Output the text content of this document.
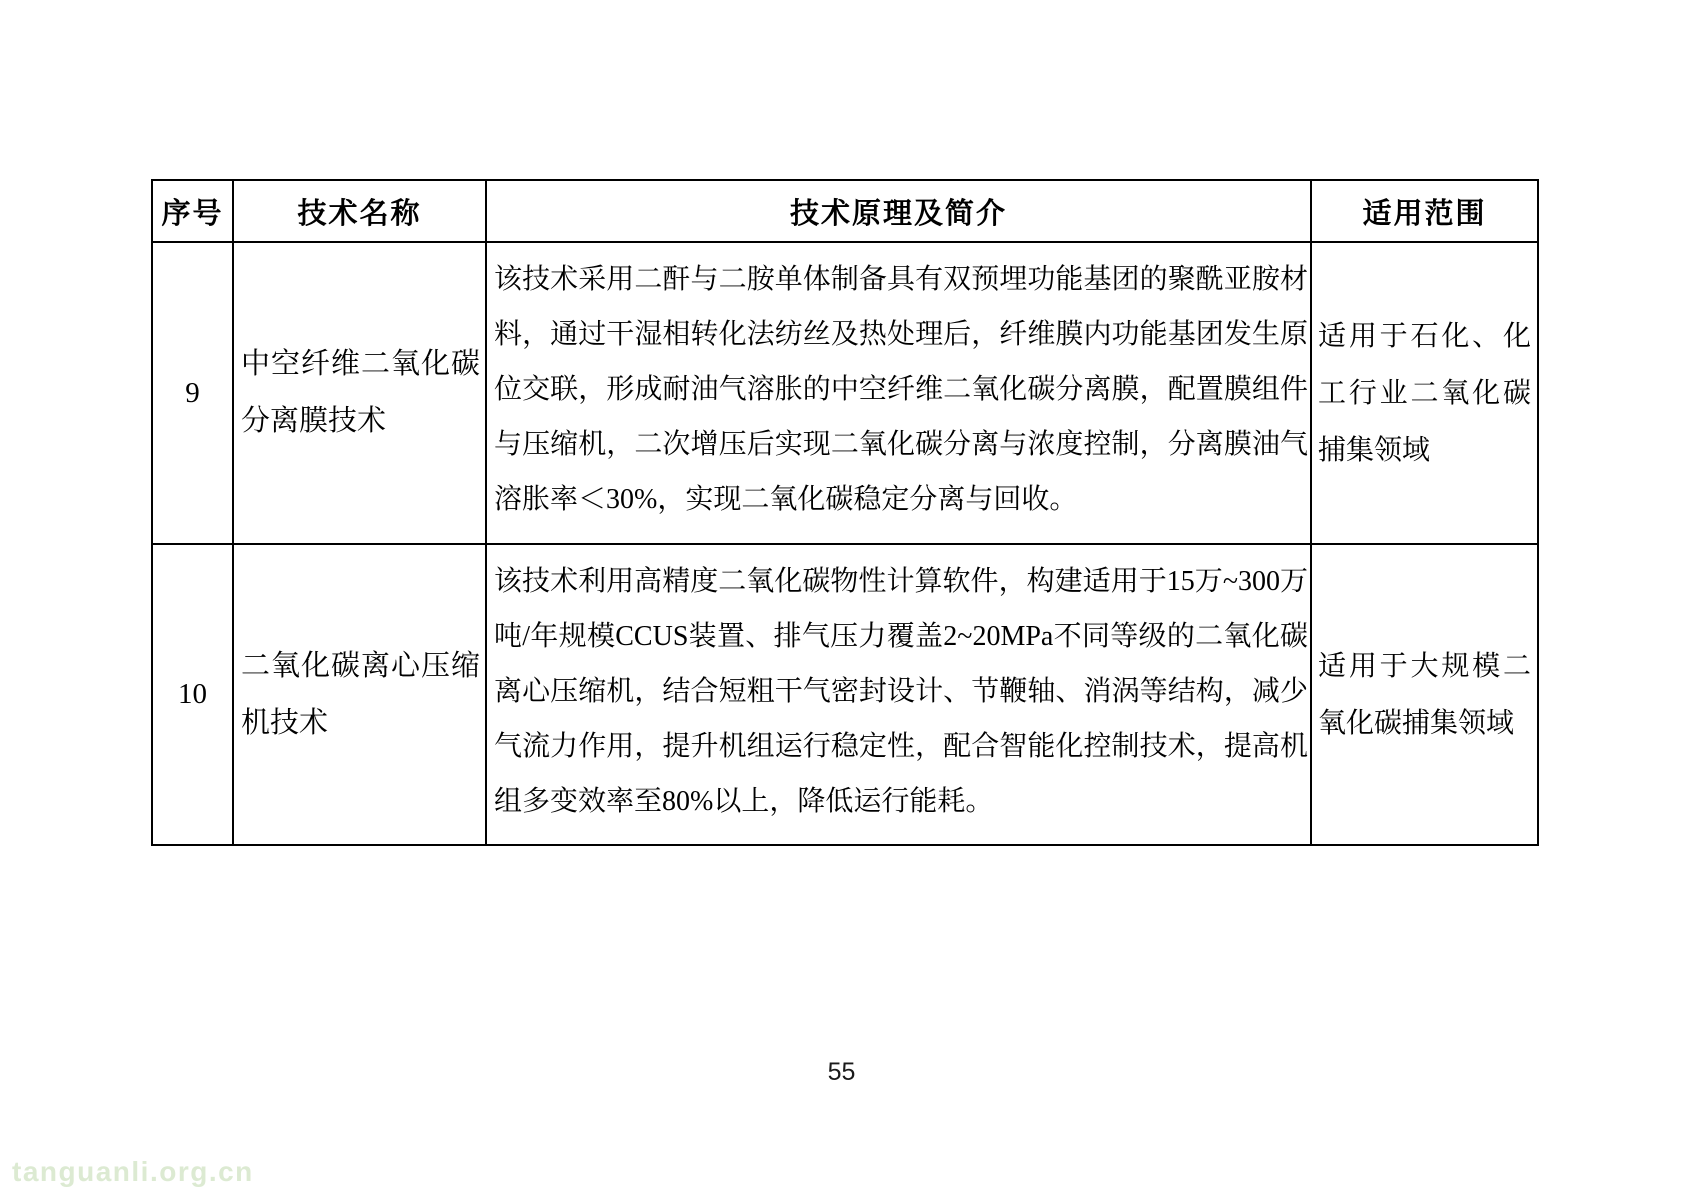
序号	技术名称	技术原理及简介	适用范围
9	中空纤维二氧化碳分离膜技术	该技术采用二酐与二胺单体制备具有双预埋功能基团的聚酰亚胺材料，通过干湿相转化法纺丝及热处理后，纤维膜内功能基团发生原位交联，形成耐油气溶胀的中空纤维二氧化碳分离膜，配置膜组件与压缩机，二次增压后实现二氧化碳分离与浓度控制，分离膜油气溶胀率＜30%，实现二氧化碳稳定分离与回收。	适用于石化、化工行业二氧化碳捕集领域
10	二氧化碳离心压缩机技术	该技术利用高精度二氧化碳物性计算软件，构建适用于15万~300万吨/年规模CCUS装置、排气压力覆盖2~20MPa不同等级的二氧化碳离心压缩机，结合短粗干气密封设计、节鞭轴、消涡等结构，减少气流力作用，提升机组运行稳定性，配合智能化控制技术，提高机组多变效率至80%以上，降低运行能耗。	适用于大规模二氧化碳捕集领域
55
tanguanli.org.cn
